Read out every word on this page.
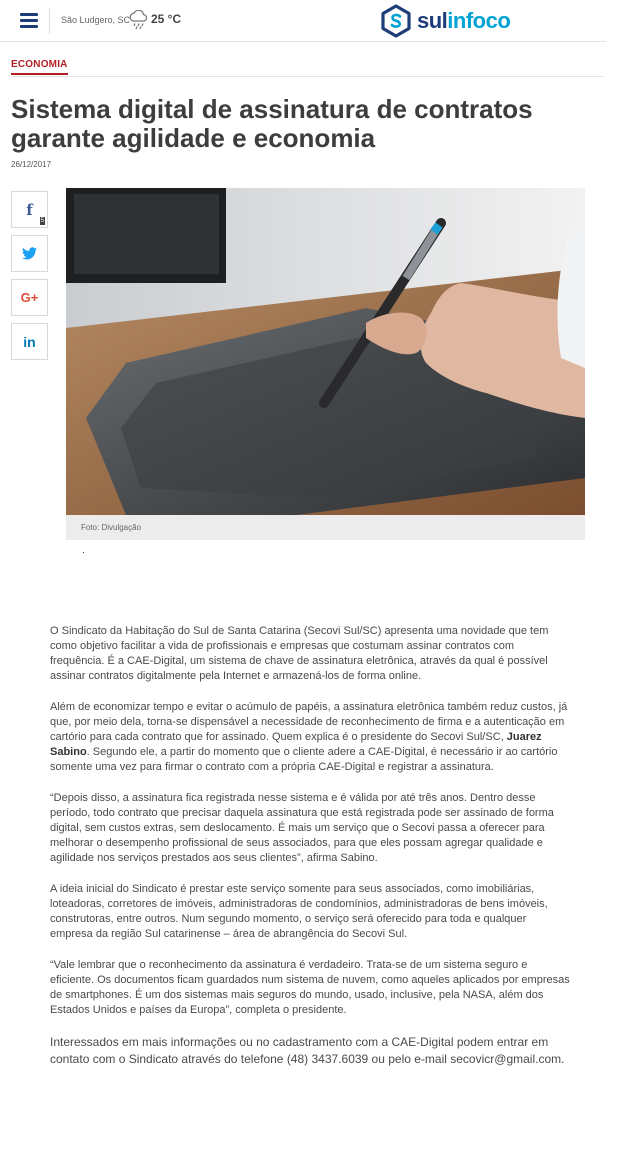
São Ludgero, SC 25 °C	sulinfoco
ECONOMIA
Sistema digital de assinatura de contratos garante agilidade e economia
26/12/2017
f
5
G+
in
Foto: Divulgação
.

O Sindicato da Habitação do Sul de Santa Catarina (Secovi Sul/SC) apresenta uma novidade que tem como objetivo facilitar a vida de profissionais e empresas que costumam assinar contratos com frequência. É a CAE-Digital, um sistema de chave de assinatura eletrônica, através da qual é possível assinar contratos digitalmente pela Internet e armazená-los de forma online.

Além de economizar tempo e evitar o acúmulo de papéis, a assinatura eletrônica também reduz custos, já que, por meio dela, torna-se dispensável a necessidade de reconhecimento de firma e a autenticação em cartório para cada contrato que for assinado. Quem explica é o presidente do Secovi Sul/SC, Juarez Sabino. Segundo ele, a partir do momento que o cliente adere a CAE-Digital, é necessário ir ao cartório somente uma vez para firmar o contrato com a própria CAE-Digital e registrar a assinatura.

“Depois disso, a assinatura fica registrada nesse sistema e é válida por até três anos. Dentro desse período, todo contrato que precisar daquela assinatura que está registrada pode ser assinado de forma digital, sem custos extras, sem deslocamento. É mais um serviço que o Secovi passa a oferecer para melhorar o desempenho profissional de seus associados, para que eles possam agregar qualidade e agilidade nos serviços prestados aos seus clientes”, afirma Sabino.

A ideia inicial do Sindicato é prestar este serviço somente para seus associados, como imobiliárias, loteadoras, corretores de imóveis, administradoras de condomínios, administradoras de bens imóveis, construtoras, entre outros. Num segundo momento, o serviço será oferecido para toda e qualquer empresa da região Sul catarinense – área de abrangência do Secovi Sul.

“Vale lembrar que o reconhecimento da assinatura é verdadeiro. Trata-se de um sistema seguro e eficiente. Os documentos ficam guardados num sistema de nuvem, como aqueles aplicados por empresas de smartphones. É um dos sistemas mais seguros do mundo, usado, inclusive, pela NASA, além dos Estados Unidos e países da Europa”, completa o presidente.

Interessados em mais informações ou no cadastramento com a CAE-Digital podem entrar em contato com o Sindicato através do telefone (48) 3437.6039 ou pelo e-mail secovicr@gmail.com.
